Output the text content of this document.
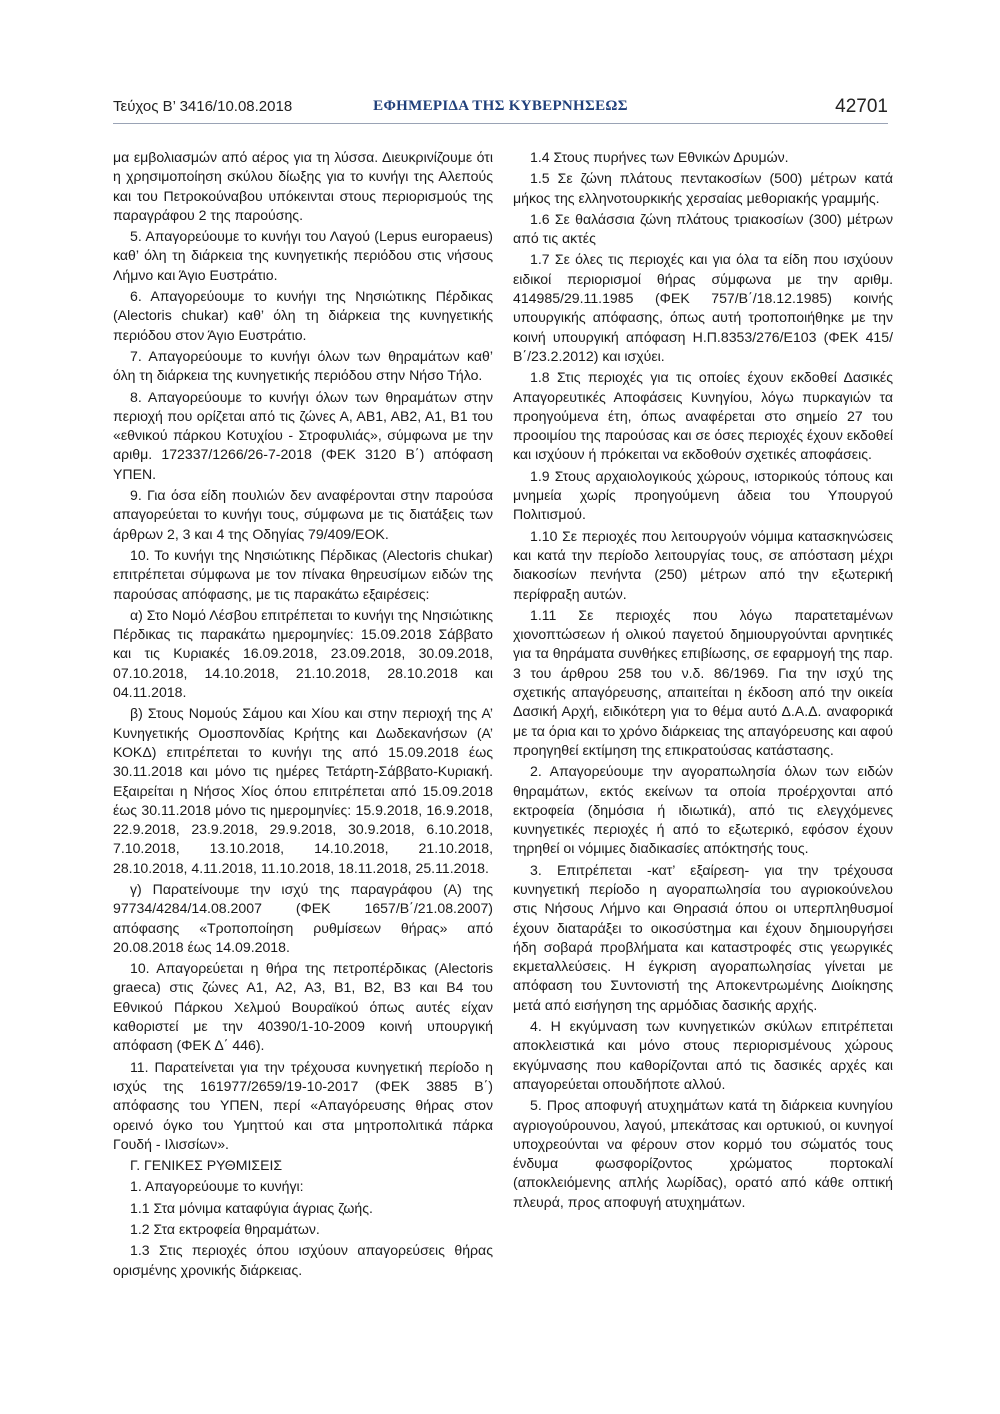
Τεύχος B’ 3416/10.08.2018	ΕΦΗΜΕΡΙΔΑ ΤΗΣ ΚΥΒΕΡΝΗΣΕΩΣ	42701

μα εμβολιασμών από αέρος για τη λύσσα. Διευκρινίζουμε ότι η χρησιμοποίηση σκύλου δίωξης για το κυνήγι της Αλεπούς και του Πετροκούναβου υπόκεινται στους περιορισμούς της παραγράφου 2 της παρούσης.

5. Απαγορεύουμε το κυνήγι του Λαγού (Lepus europaeus) καθ’ όλη τη διάρκεια της κυνηγετικής περιόδου στις νήσους Λήμνο και Άγιο Ευστράτιο.

6. Απαγορεύουμε το κυνήγι της Νησιώτικης Πέρδικας (Alectoris chukar) καθ’ όλη τη διάρκεια της κυνηγετικής περιόδου στον Άγιο Ευστράτιο.

7. Απαγορεύουμε το κυνήγι όλων των θηραμάτων καθ’ όλη τη διάρκεια της κυνηγετικής περιόδου στην Νήσο Τήλο.

8. Απαγορεύουμε το κυνήγι όλων των θηραμάτων στην περιοχή που ορίζεται από τις ζώνες Α, ΑΒ1, ΑΒ2, Α1, Β1 του «εθνικού πάρκου Κοτυχίου - Στροφυλιάς», σύμφωνα με την αριθμ. 172337/1266/26-7-2018 (ΦΕΚ 3120 Β΄) απόφαση ΥΠΕΝ.

9. Για όσα είδη πουλιών δεν αναφέρονται στην παρούσα απαγορεύεται το κυνήγι τους, σύμφωνα με τις διατάξεις των άρθρων 2, 3 και 4 της Οδηγίας 79/409/ΕΟΚ.

10. Το κυνήγι της Νησιώτικης Πέρδικας (Alectoris chukar) επιτρέπεται σύμφωνα με τον πίνακα θηρευσίμων ειδών της παρούσας απόφασης, με τις παρακάτω εξαιρέσεις:

α) Στο Νομό Λέσβου επιτρέπεται το κυνήγι της Νησιώτικης Πέρδικας τις παρακάτω ημερομηνίες: 15.09.2018 Σάββατο και τις Κυριακές 16.09.2018, 23.09.2018, 30.09.2018, 07.10.2018, 14.10.2018, 21.10.2018, 28.10.2018 και 04.11.2018.

β) Στους Νομούς Σάμου και Χίου και στην περιοχή της Α’ Κυνηγετικής Ομοσπονδίας Κρήτης και Δωδεκανήσων (Α’ ΚΟΚΔ) επιτρέπεται το κυνήγι της από 15.09.2018 έως 30.11.2018 και μόνο τις ημέρες Τετάρτη-Σάββατο-Κυριακή. Εξαιρείται η Νήσος Χίος όπου επιτρέπεται από 15.09.2018 έως 30.11.2018 μόνο τις ημερομηνίες: 15.9.2018, 16.9.2018, 22.9.2018, 23.9.2018, 29.9.2018, 30.9.2018, 6.10.2018, 7.10.2018, 13.10.2018, 14.10.2018, 21.10.2018, 28.10.2018, 4.11.2018, 11.10.2018, 18.11.2018, 25.11.2018.

γ) Παρατείνουμε την ισχύ της παραγράφου (Α) της 97734/4284/14.08.2007 (ΦΕΚ 1657/Β΄/21.08.2007) απόφασης «Τροποποίηση ρυθμίσεων θήρας» από 20.08.2018 έως 14.09.2018.

10. Απαγορεύεται η θήρα της πετροπέρδικας (Alectoris graeca) στις ζώνες Α1, Α2, Α3, Β1, Β2, Β3 και Β4 του Εθνικού Πάρκου Χελμού Βουραϊκού όπως αυτές είχαν καθοριστεί με την 40390/1-10-2009 κοινή υπουργική απόφαση (ΦΕΚ Δ΄ 446).

11. Παρατείνεται για την τρέχουσα κυνηγετική περίοδο η ισχύς της 161977/2659/19-10-2017 (ΦΕΚ 3885 Β΄) απόφασης του ΥΠΕΝ, περί «Απαγόρευσης θήρας στον ορεινό όγκο του Υμηττού και στα μητροπολιτικά πάρκα Γουδή - Ιλισσίων».

Γ. ΓΕΝΙΚΕΣ ΡΥΘΜΙΣΕΙΣ

1. Απαγορεύουμε το κυνήγι:

1.1 Στα μόνιμα καταφύγια άγριας ζωής.

1.2 Στα εκτροφεία θηραμάτων.

1.3 Στις περιοχές όπου ισχύουν απαγορεύσεις θήρας ορισμένης χρονικής διάρκειας.

1.4 Στους πυρήνες των Εθνικών Δρυμών.

1.5 Σε ζώνη πλάτους πεντακοσίων (500) μέτρων κατά μήκος της ελληνοτουρκικής χερσαίας μεθοριακής γραμμής.

1.6 Σε θαλάσσια ζώνη πλάτους τριακοσίων (300) μέτρων από τις ακτές

1.7 Σε όλες τις περιοχές και για όλα τα είδη που ισχύουν ειδικοί περιορισμοί θήρας σύμφωνα με την αριθμ. 414985/29.11.1985 (ΦΕΚ 757/Β΄/18.12.1985) κοινής υπουργικής απόφασης, όπως αυτή τροποποιήθηκε με την κοινή υπουργική απόφαση Η.Π.8353/276/Ε103 (ΦΕΚ 415/Β΄/23.2.2012) και ισχύει.

1.8 Στις περιοχές για τις οποίες έχουν εκδοθεί Δασικές Απαγορευτικές Αποφάσεις Κυνηγίου, λόγω πυρκαγιών τα προηγούμενα έτη, όπως αναφέρεται στο σημείο 27 του προοιμίου της παρούσας και σε όσες περιοχές έχουν εκδοθεί και ισχύουν ή πρόκειται να εκδοθούν σχετικές αποφάσεις.

1.9 Στους αρχαιολογικούς χώρους, ιστορικούς τόπους και μνημεία χωρίς προηγούμενη άδεια του Υπουργού Πολιτισμού.

1.10 Σε περιοχές που λειτουργούν νόμιμα κατασκηνώσεις και κατά την περίοδο λειτουργίας τους, σε απόσταση μέχρι διακοσίων πενήντα (250) μέτρων από την εξωτερική περίφραξη αυτών.

1.11 Σε περιοχές που λόγω παρατεταμένων χιονοπτώσεων ή ολικού παγετού δημιουργούνται αρνητικές για τα θηράματα συνθήκες επιβίωσης, σε εφαρμογή της παρ. 3 του άρθρου 258 του ν.δ. 86/1969. Για την ισχύ της σχετικής απαγόρευσης, απαιτείται η έκδοση από την οικεία Δασική Αρχή, ειδικότερη για το θέμα αυτό Δ.Α.Δ. αναφορικά με τα όρια και το χρόνο διάρκειας της απαγόρευσης και αφού προηγηθεί εκτίμηση της επικρατούσας κατάστασης.

2. Απαγορεύουμε την αγοραπωλησία όλων των ειδών θηραμάτων, εκτός εκείνων τα οποία προέρχονται από εκτροφεία (δημόσια ή ιδιωτικά), από τις ελεγχόμενες κυνηγετικές περιοχές ή από το εξωτερικό, εφόσον έχουν τηρηθεί οι νόμιμες διαδικασίες απόκτησής τους.

3. Επιτρέπεται -κατ’ εξαίρεση- για την τρέχουσα κυνηγετική περίοδο η αγοραπωλησία του αγριοκούνελου στις Νήσους Λήμνο και Θηρασιά όπου οι υπερπληθυσμοί έχουν διαταράξει το οικοσύστημα και έχουν δημιουργήσει ήδη σοβαρά προβλήματα και καταστροφές στις γεωργικές εκμεταλλεύσεις. Η έγκριση αγοραπωλησίας γίνεται με απόφαση του Συντονιστή της Αποκεντρωμένης Διοίκησης μετά από εισήγηση της αρμόδιας δασικής αρχής.

4. Η εκγύμναση των κυνηγετικών σκύλων επιτρέπεται αποκλειστικά και μόνο στους περιορισμένους χώρους εκγύμνασης που καθορίζονται από τις δασικές αρχές και απαγορεύεται οπουδήποτε αλλού.

5. Προς αποφυγή ατυχημάτων κατά τη διάρκεια κυνηγίου αγριογούρουνου, λαγού, μπεκάτσας και ορτυκιού, οι κυνηγοί υποχρεούνται να φέρουν στον κορμό του σώματός τους ένδυμα φωσφορίζοντος χρώματος πορτοκαλί (αποκλειόμενης απλής λωρίδας), ορατό από κάθε οπτική πλευρά, προς αποφυγή ατυχημάτων.
